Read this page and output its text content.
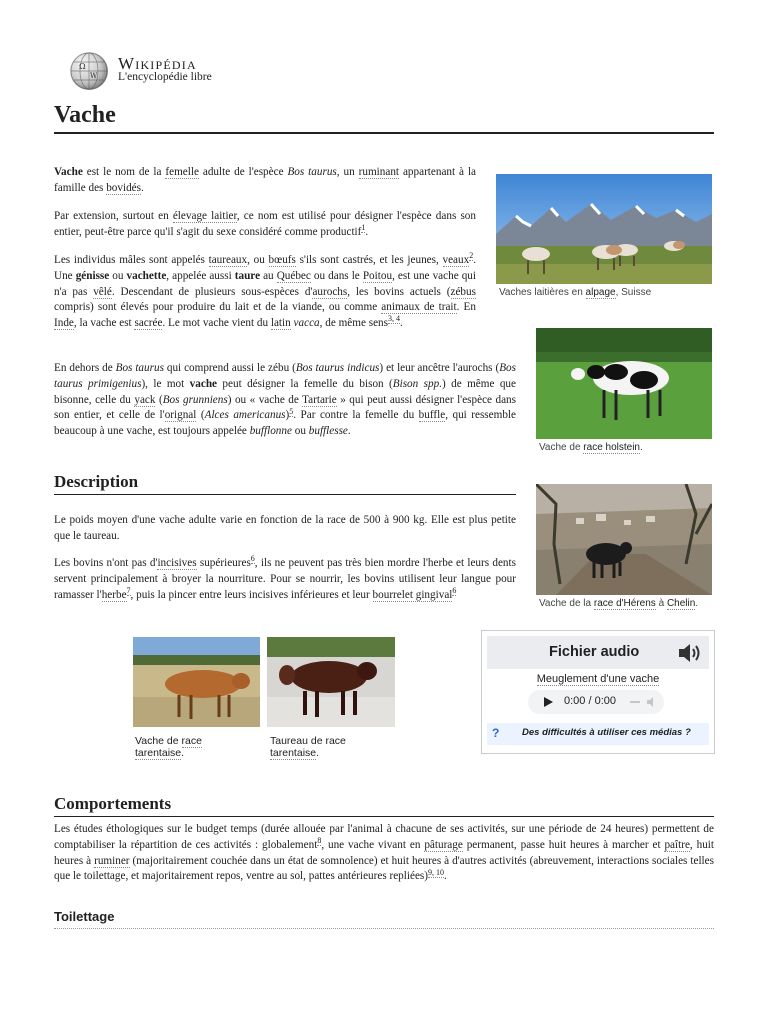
Ω
W
Wikipédia
L'encyclopédie libre
Vache

Vache est le nom de la femelle adulte de l'espèce Bos taurus, un ruminant appartenant à la famille des bovidés.

Par extension, surtout en élevage laitier, ce nom est utilisé pour désigner l'espèce dans son entier, peut-être parce qu'il s'agit du sexe considéré comme productif$^1$.

Les individus mâles sont appelés taureaux, ou bœufs s'ils sont castrés, et les jeunes, veaux$^2$. Une génisse ou vachette, appelée aussi taure au Québec ou dans le Poitou, est une vache qui n'a pas vêlé. Descendant de plusieurs sous-espèces d'aurochs, les bovins actuels (zébus compris) sont élevés pour produire du lait et de la viande, ou comme animaux de trait. En Inde, la vache est sacrée. Le mot vache vient du latin vacca, de même sens$^{3, 4}$.

En dehors de Bos taurus qui comprend aussi le zébu (Bos taurus indicus) et leur ancêtre l'aurochs (Bos taurus primigenius), le mot vache peut désigner la femelle du bison (Bison spp.) de même que bisonne, celle du yack (Bos grunniens) ou « vache de Tartarie » qui peut aussi désigner l'espèce dans son entier, et celle de l'orignal (Alces americanus)$^5$. Par contre la femelle du buffle, qui ressemble beaucoup à une vache, est toujours appelée bufflonne ou bufflesse.

Vaches laitières en alpage, Suisse
Vache de race holstein.
Description

Le poids moyen d'une vache adulte varie en fonction de la race de 500 à 900 kg. Elle est plus petite que le taureau.

Les bovins n'ont pas d'incisives supérieures$^6$, ils ne peuvent pas très bien mordre l'herbe et leurs dents servent principalement à broyer la nourriture. Pour se nourrir, les bovins utilisent leur langue pour ramasser l'herbe$^7$, puis la pincer entre leurs incisives inférieures et leur bourrelet gingival$^6$

Vache de la race d'Hérens à Chelin.
Vache de race tarentaise.
Taureau de race tarentaise.
Fichier audio
Meuglement d'une vache
0:00 / 0:00
? Des difficultés à utiliser ces médias ?
Comportements

Les études éthologiques sur le budget temps (durée allouée par l'animal à chacune de ses activités, sur une période de 24 heures) permettent de comptabiliser la répartition de ces activités : globalement$^8$, une vache vivant en pâturage permanent, passe huit heures à marcher et paître, huit heures à ruminer (majoritairement couchée dans un état de somnolence) et huit heures à d'autres activités (abreuvement, interactions sociales telles que le toilettage, et majoritairement repos, ventre au sol, pattes antérieures repliées)$^{9, 10}$.

Toilettage
